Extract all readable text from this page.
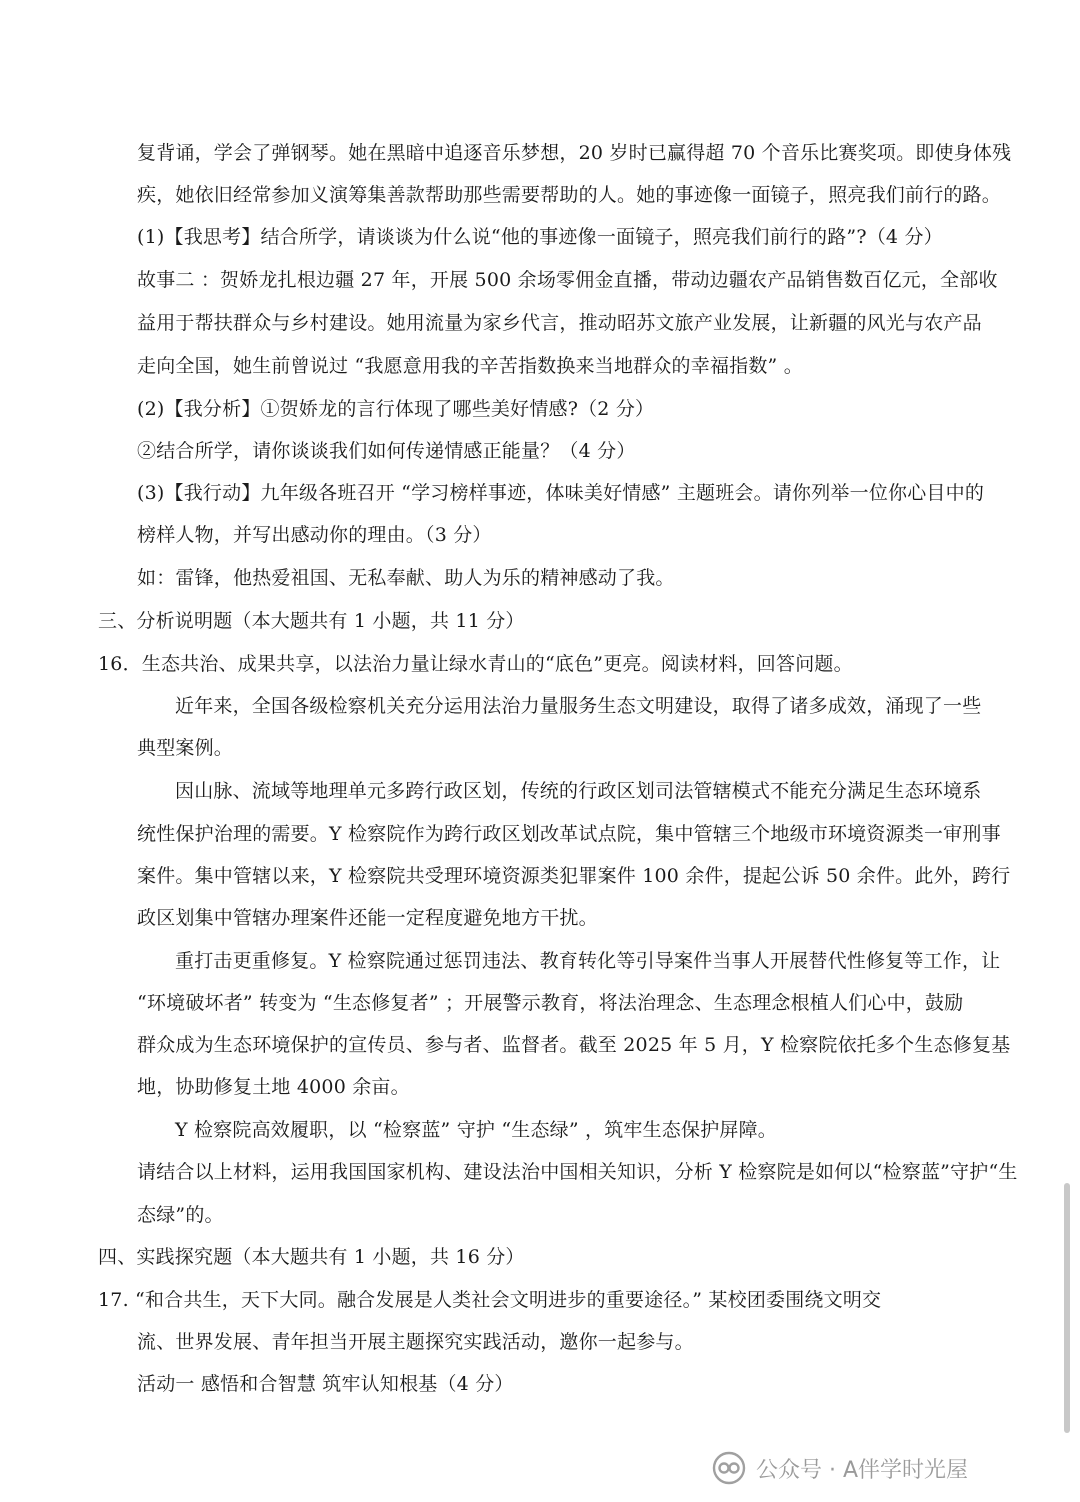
复背诵，学会了弹钢琴。她在黑暗中追逐音乐梦想，20 岁时已赢得超 70 个音乐比赛奖项。即使身体残
疾，她依旧经常参加义演筹集善款帮助那些需要帮助的人。她的事迹像一面镜子，照亮我们前行的路。
(1)【我思考】结合所学，请谈谈为什么说“他的事迹像一面镜子，照亮我们前行的路”?（4 分）
故事二 ：贺娇龙扎根边疆 27 年，开展 500 余场零佣金直播，带动边疆农产品销售数百亿元，全部收
益用于帮扶群众与乡村建设。她用流量为家乡代言，推动昭苏文旅产业发展，让新疆的风光与农产品
走向全国，她生前曾说过 “我愿意用我的辛苦指数换来当地群众的幸福指数” 。
(2)【我分析】①贺娇龙的言行体现了哪些美好情感?（2 分）
②结合所学，请你谈谈我们如何传递情感正能量？（4 分）
(3)【我行动】九年级各班召开 “学习榜样事迹，体味美好情感” 主题班会。请你列举一位你心目中的
榜样人物，并写出感动你的理由。（3 分）
如：雷锋，他热爱祖国、无私奉献、助人为乐的精神感动了我。
三、分析说明题（本大题共有 1 小题，共 11 分）
16．生态共治、成果共享，以法治力量让绿水青山的“底色”更亮。阅读材料，回答问题。
近年来，全国各级检察机关充分运用法治力量服务生态文明建设，取得了诸多成效，涌现了一些
典型案例。
因山脉、流域等地理单元多跨行政区划，传统的行政区划司法管辖模式不能充分满足生态环境系
统性保护治理的需要。Y 检察院作为跨行政区划改革试点院，集中管辖三个地级市环境资源类一审刑事
案件。集中管辖以来，Y 检察院共受理环境资源类犯罪案件 100 余件，提起公诉 50 余件。此外，跨行
政区划集中管辖办理案件还能一定程度避免地方干扰。
重打击更重修复。Y 检察院通过惩罚违法、教育转化等引导案件当事人开展替代性修复等工作，让
“环境破坏者” 转变为 “生态修复者” ；开展警示教育，将法治理念、生态理念根植人们心中，鼓励
群众成为生态环境保护的宣传员、参与者、监督者。截至 2025 年 5 月，Y 检察院依托多个生态修复基
地，协助修复土地 4000 余亩。
Y 检察院高效履职，以 “检察蓝” 守护 “生态绿” ，筑牢生态保护屏障。
请结合以上材料，运用我国国家机构、建设法治中国相关知识，分析 Y 检察院是如何以“检察蓝”守护“生
态绿”的。
四、实践探究题（本大题共有 1 小题，共 16 分）
17. “和合共生，天下大同。融合发展是人类社会文明进步的重要途径。” 某校团委围绕文明交
流、世界发展、青年担当开展主题探究实践活动，邀你一起参与。
活动一 感悟和合智慧 筑牢认知根基（4 分）
公众号 · A伴学时光屋
